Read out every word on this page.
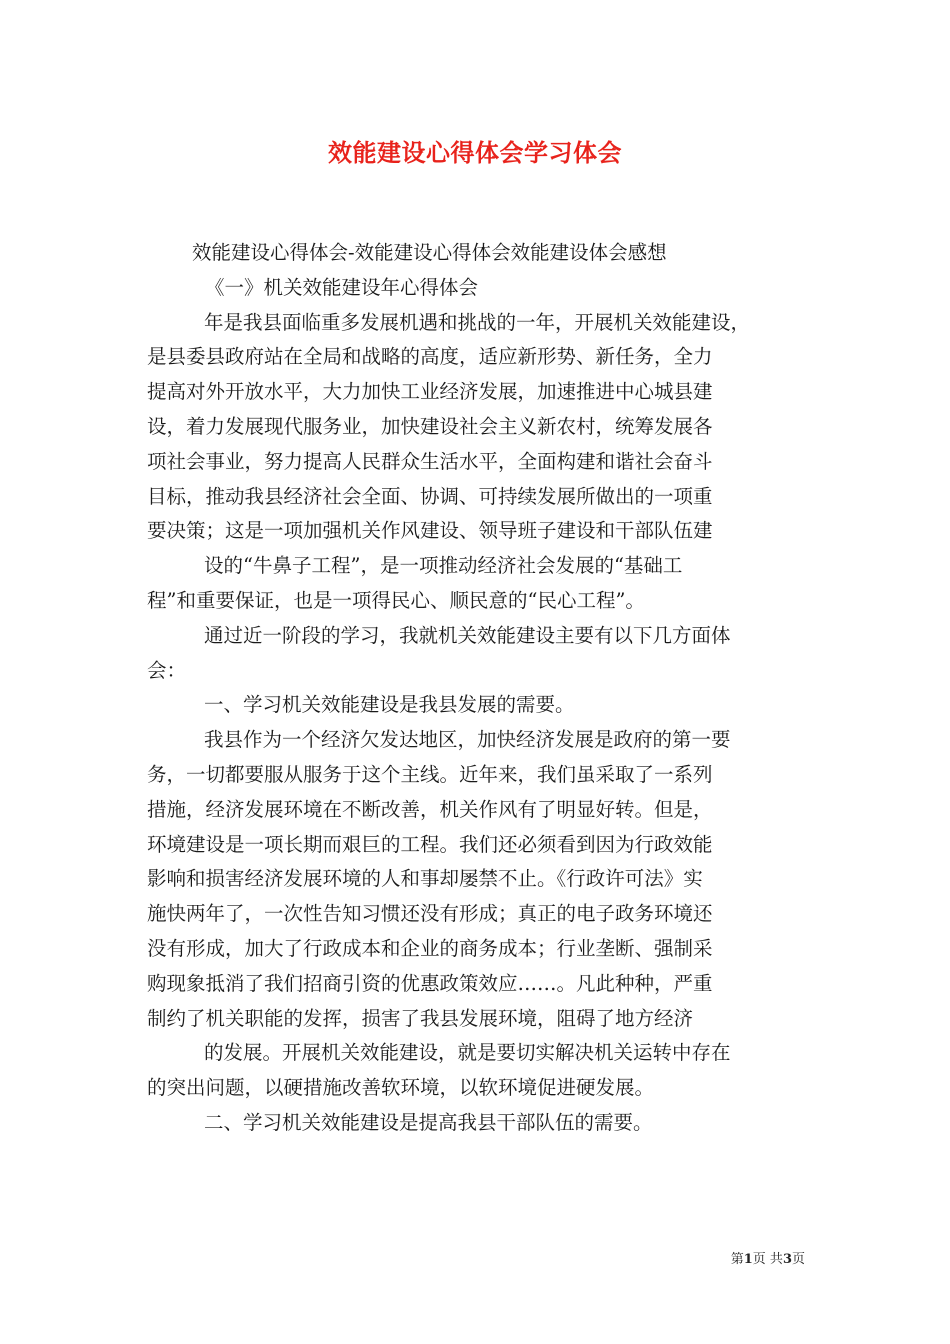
效能建设心得体会学习体会
效能建设心得体会-效能建设心得体会效能建设体会感想
《一》机关效能建设年心得体会
年是我县面临重多发展机遇和挑战的一年，开展机关效能建设，
是县委县政府站在全局和战略的高度，适应新形势、新任务，全力
提高对外开放水平，大力加快工业经济发展，加速推进中心城县建
设，着力发展现代服务业，加快建设社会主义新农村，统筹发展各
项社会事业，努力提高人民群众生活水平，全面构建和谐社会奋斗
目标，推动我县经济社会全面、协调、可持续发展所做出的一项重
要决策；这是一项加强机关作风建设、领导班子建设和干部队伍建
设的“牛鼻子工程”，是一项推动经济社会发展的“基础工
程”和重要保证，也是一项得民心、顺民意的“民心工程”。
通过近一阶段的学习，我就机关效能建设主要有以下几方面体
会：
一、学习机关效能建设是我县发展的需要。
我县作为一个经济欠发达地区，加快经济发展是政府的第一要
务，一切都要服从服务于这个主线。近年来，我们虽采取了一系列
措施，经济发展环境在不断改善，机关作风有了明显好转。但是，
环境建设是一项长期而艰巨的工程。我们还必须看到因为行政效能
影响和损害经济发展环境的人和事却屡禁不止。《行政许可法》实
施快两年了，一次性告知习惯还没有形成；真正的电子政务环境还
没有形成，加大了行政成本和企业的商务成本；行业垄断、强制采
购现象抵消了我们招商引资的优惠政策效应……。凡此种种，严重
制约了机关职能的发挥，损害了我县发展环境，阻碍了地方经济
的发展。开展机关效能建设，就是要切实解决机关运转中存在
的突出问题，以硬措施改善软环境，以软环境促进硬发展。
二、学习机关效能建设是提高我县干部队伍的需要。
第1页 共3页
